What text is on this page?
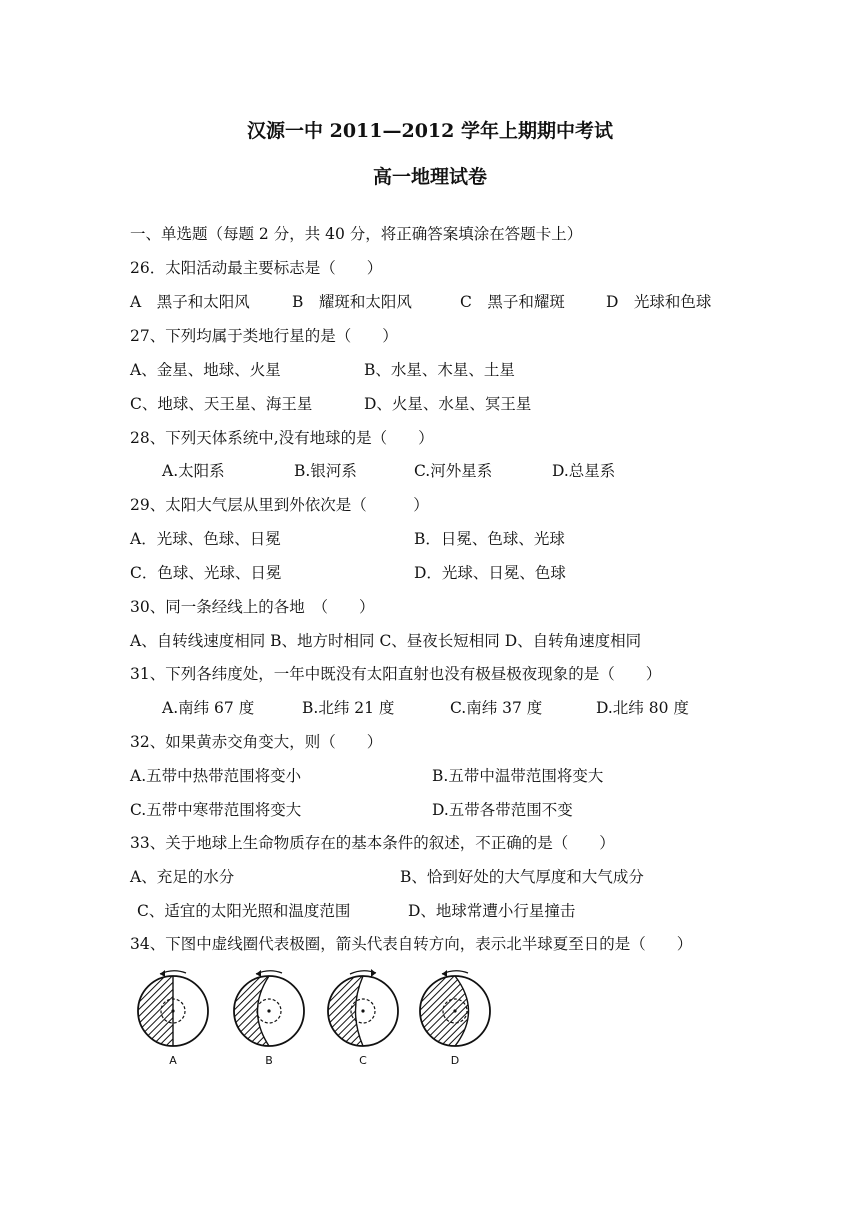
汉源一中 2011—2012 学年上期期中考试
高一地理试卷
一、单选题（每题 2 分，共 40 分，将正确答案填涂在答题卡上）
26．太阳活动最主要标志是（　　）
A　黑子和太阳风	B　耀斑和太阳风	C　黑子和耀斑	D　光球和色球
27、下列均属于类地行星的是（　　）
A、金星、地球、火星	B、水星、木星、土星
C、地球、天王星、海王星	D、火星、水星、冥王星
28、下列天体系统中,没有地球的是（　　）
A.太阳系	B.银河系	C.河外星系	D.总星系
29、太阳大气层从里到外依次是（　　　）
A．光球、色球、日冕	B．日冕、色球、光球
C．色球、光球、日冕	D．光球、日冕、色球
30、同一条经线上的各地　（　　）
A、自转线速度相同 B、地方时相同 C、昼夜长短相同 D、自转角速度相同
31、下列各纬度处，一年中既没有太阳直射也没有极昼极夜现象的是（　　）
A.南纬 67 度	B.北纬 21 度	C.南纬 37 度	D.北纬 80 度
32、如果黄赤交角变大，则（　　）
A.五带中热带范围将变小	B.五带中温带范围将变大
C.五带中寒带范围将变大	D.五带各带范围不变
33、关于地球上生命物质存在的基本条件的叙述，不正确的是（　　）
A、充足的水分	B、恰到好处的大气厚度和大气成分
C、适宜的太阳光照和温度范围	D、地球常遭小行星撞击
34、下图中虚线圈代表极圈，箭头代表自转方向，表示北半球夏至日的是（　　）
A	B	C	D
